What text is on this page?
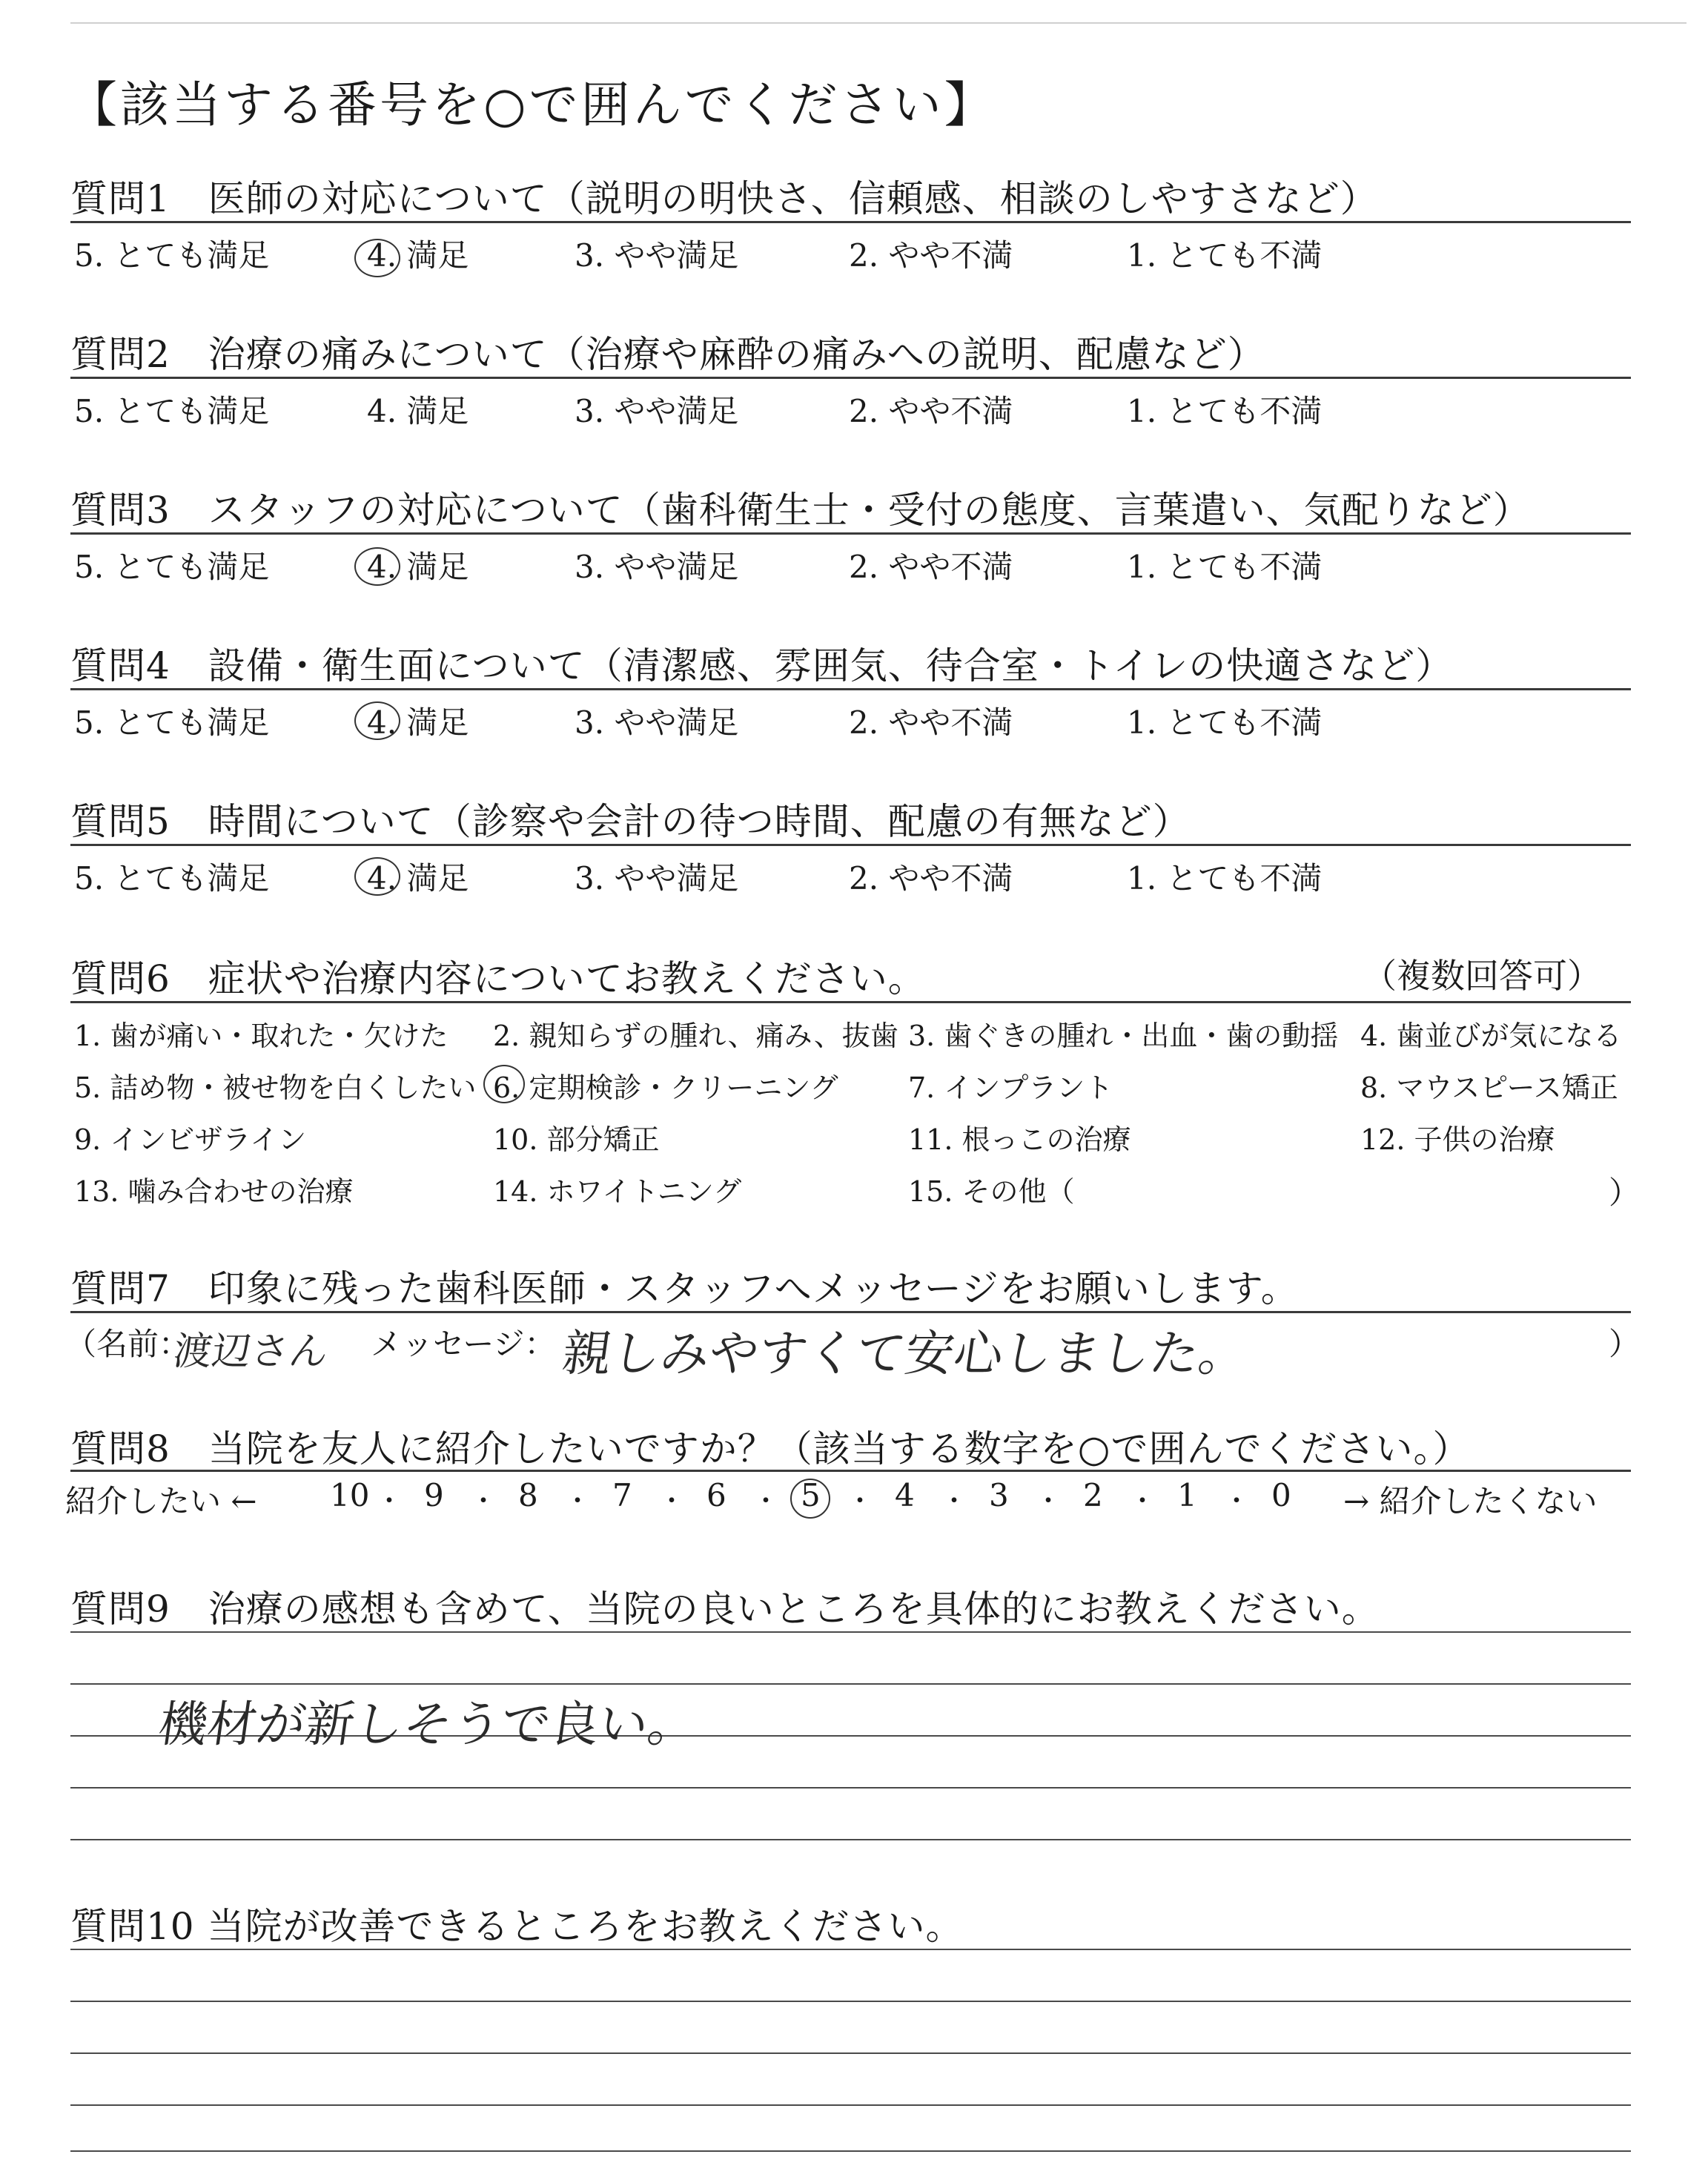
【該当する番号を○で囲んでください】
質問1　医師の対応について（説明の明快さ、信頼感、相談のしやすさなど）
5. とても満足	4. 満足	3. やや満足	2. やや不満	1. とても不満
質問2　治療の痛みについて（治療や麻酔の痛みへの説明、配慮など）
5. とても満足	4. 満足	3. やや満足	2. やや不満	1. とても不満
質問3　スタッフの対応について（歯科衛生士・受付の態度、言葉遣い、気配りなど）
5. とても満足	4. 満足	3. やや満足	2. やや不満	1. とても不満
質問4　設備・衛生面について（清潔感、雰囲気、待合室・トイレの快適さなど）
5. とても満足	4. 満足	3. やや満足	2. やや不満	1. とても不満
質問5　時間について（診察や会計の待つ時間、配慮の有無など）
5. とても満足	4. 満足	3. やや満足	2. やや不満	1. とても不満
質問6　症状や治療内容についてお教えください。	（複数回答可）
1. 歯が痛い・取れた・欠けた 2. 親知らずの腫れ、痛み、抜歯 3. 歯ぐきの腫れ・出血・歯の動揺 4. 歯並びが気になる
5. 詰め物・被せ物を白くしたい 6. 定期検診・クリーニング 7. インプラント	8. マウスピース矯正
9. インビザライン	10. 部分矯正	11. 根っこの治療	12. 子供の治療
13. 噛み合わせの治療	14. ホワイトニング	15. その他（	）
質問7　印象に残った歯科医師・スタッフへメッセージをお願いします。
（名前：
渡辺さん メッセージ： 親しみやすくて安心しました。	）
質問8　当院を友人に紹介したいですか？（該当する数字を○で囲んでください。）
紹介したい ← 10 ・ 9 ・ 8 ・ 7 ・ 6 ・ 5 ・ 4 ・ 3 ・ 2 ・ 1 ・ 0 → 紹介したくない
質問9　治療の感想も含めて、当院の良いところを具体的にお教えください。
機材が新しそうで良い。
質問10 当院が改善できるところをお教えください。
